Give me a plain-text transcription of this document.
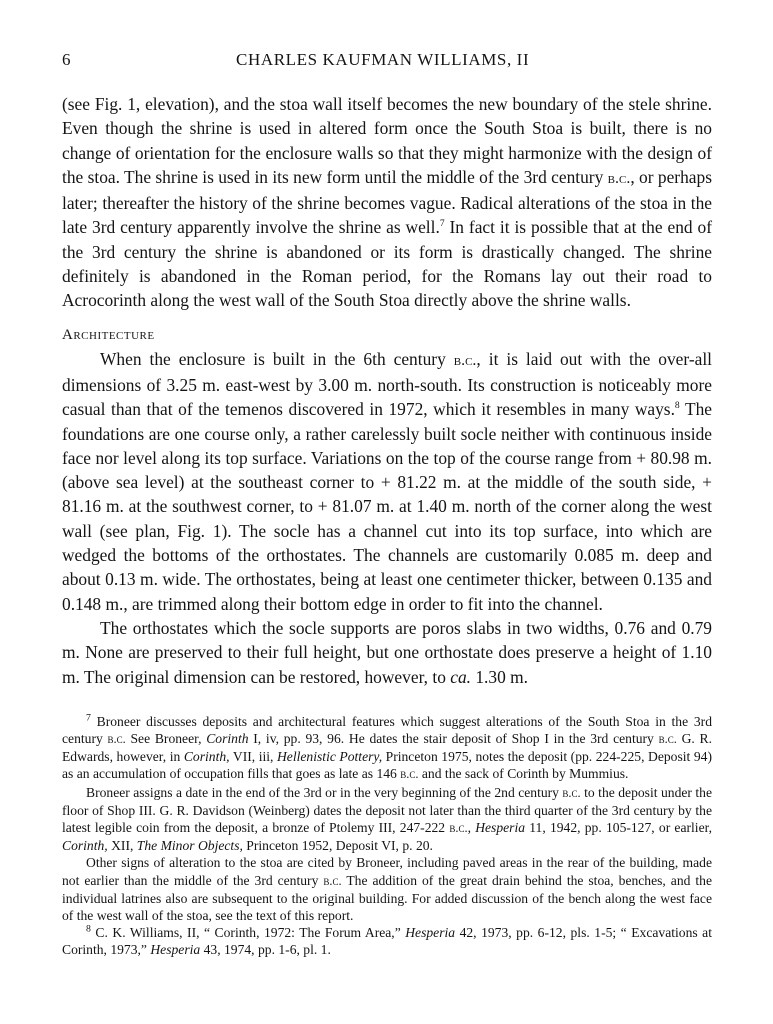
6	CHARLES KAUFMAN WILLIAMS, II

(see Fig. 1, elevation), and the stoa wall itself becomes the new boundary of the stele shrine. Even though the shrine is used in altered form once the South Stoa is built, there is no change of orientation for the enclosure walls so that they might harmonize with the design of the stoa. The shrine is used in its new form until the middle of the 3rd century b.c., or perhaps later; thereafter the history of the shrine becomes vague. Radical alterations of the stoa in the late 3rd century apparently involve the shrine as well.$^7$ In fact it is possible that at the end of the 3rd century the shrine is abandoned or its form is drastically changed. The shrine definitely is abandoned in the Roman period, for the Romans lay out their road to Acrocorinth along the west wall of the South Stoa directly above the shrine walls.

Architecture

When the enclosure is built in the 6th century b.c., it is laid out with the over-all dimensions of 3.25 m. east-west by 3.00 m. north-south. Its construction is noticeably more casual than that of the temenos discovered in 1972, which it resembles in many ways.$^8$ The foundations are one course only, a rather carelessly built socle neither with continuous inside face nor level along its top surface. Variations on the top of the course range from + 80.98 m. (above sea level) at the southeast corner to + 81.22 m. at the middle of the south side, + 81.16 m. at the southwest corner, to + 81.07 m. at 1.40 m. north of the corner along the west wall (see plan, Fig. 1). The socle has a channel cut into its top surface, into which are wedged the bottoms of the orthostates. The channels are customarily 0.085 m. deep and about 0.13 m. wide. The orthostates, being at least one centimeter thicker, between 0.135 and 0.148 m., are trimmed along their bottom edge in order to fit into the channel.

The orthostates which the socle supports are poros slabs in two widths, 0.76 and 0.79 m. None are preserved to their full height, but one orthostate does preserve a height of 1.10 m. The original dimension can be restored, however, to ca. 1.30 m.

$^7$ Broneer discusses deposits and architectural features which suggest alterations of the South Stoa in the 3rd century b.c. See Broneer, Corinth I, iv, pp. 93, 96. He dates the stair deposit of Shop I in the 3rd century b.c. G. R. Edwards, however, in Corinth, VII, iii, Hellenistic Pottery, Princeton 1975, notes the deposit (pp. 224-225, Deposit 94) as an accumulation of occupation fills that goes as late as 146 b.c. and the sack of Corinth by Mummius.

Broneer assigns a date in the end of the 3rd or in the very beginning of the 2nd century b.c. to the deposit under the floor of Shop III. G. R. Davidson (Weinberg) dates the deposit not later than the third quarter of the 3rd century by the latest legible coin from the deposit, a bronze of Ptolemy III, 247-222 b.c., Hesperia 11, 1942, pp. 105-127, or earlier, Corinth, XII, The Minor Objects, Princeton 1952, Deposit VI, p. 20.

Other signs of alteration to the stoa are cited by Broneer, including paved areas in the rear of the building, made not earlier than the middle of the 3rd century b.c. The addition of the great drain behind the stoa, benches, and the individual latrines also are subsequent to the original building. For added discussion of the bench along the west face of the west wall of the stoa, see the text of this report.

$^8$ C. K. Williams, II, “ Corinth, 1972: The Forum Area,” Hesperia 42, 1973, pp. 6-12, pls. 1-5; “ Excavations at Corinth, 1973,” Hesperia 43, 1974, pp. 1-6, pl. 1.
